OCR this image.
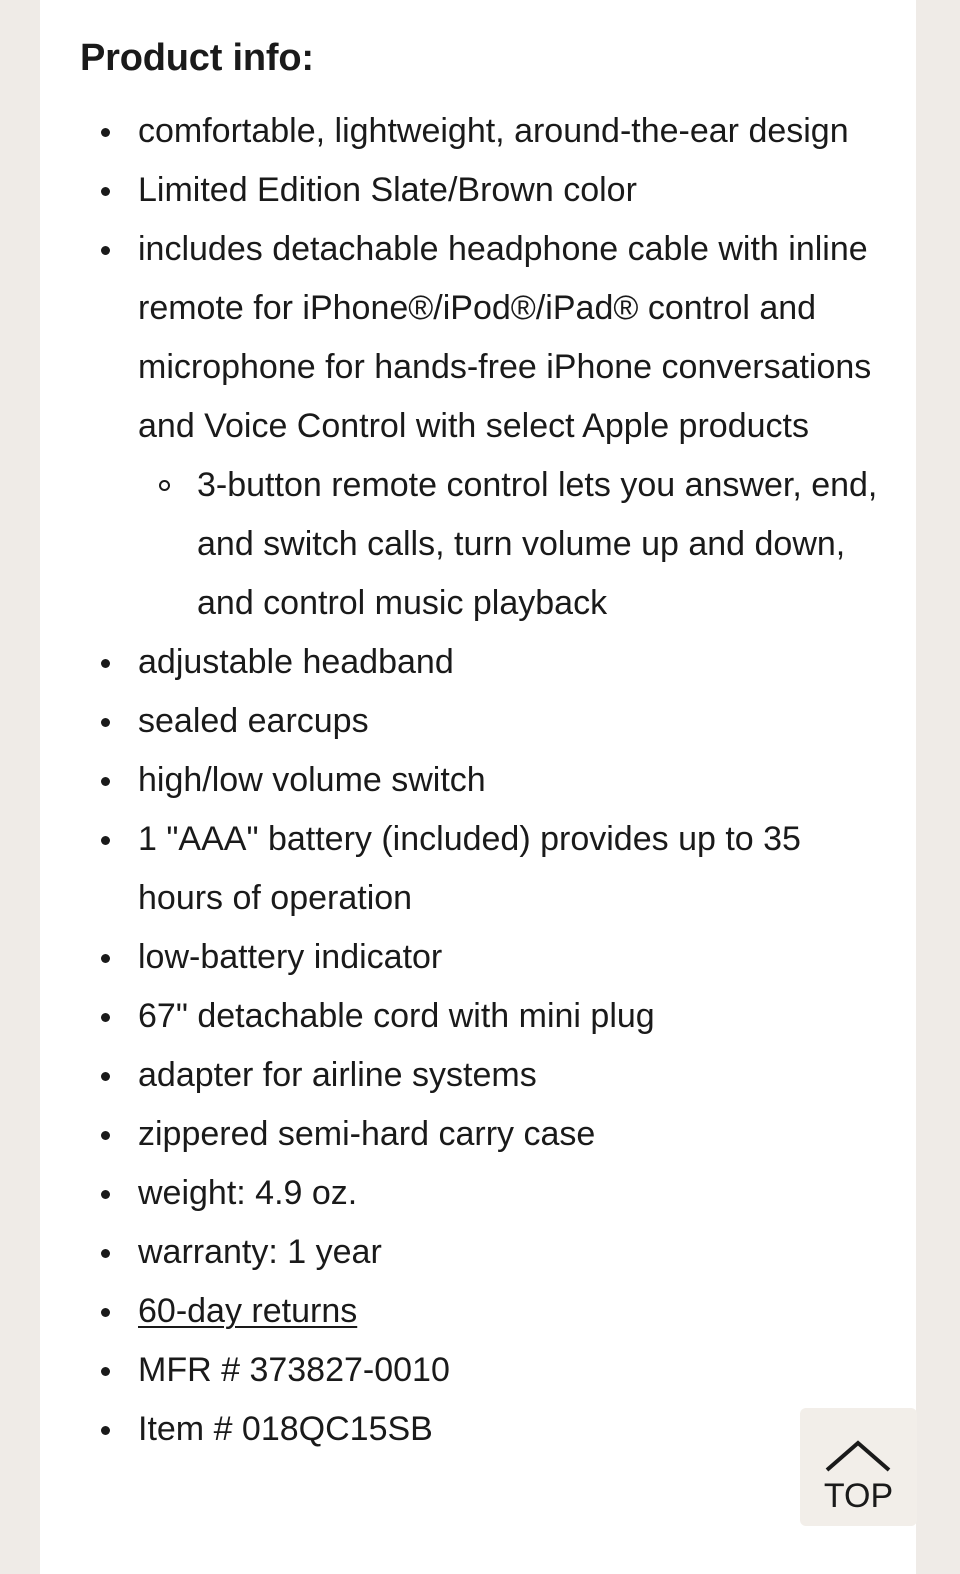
Product info:
comfortable, lightweight, around-the-ear design
Limited Edition Slate/Brown color
includes detachable headphone cable with inline remote for iPhone®/iPod®/iPad® control and microphone for hands-free iPhone conversations and Voice Control with select Apple products
3-button remote control lets you answer, end, and switch calls, turn volume up and down, and control music playback
adjustable headband
sealed earcups
high/low volume switch
1 "AAA" battery (included) provides up to 35 hours of operation
low-battery indicator
67" detachable cord with mini plug
adapter for airline systems
zippered semi-hard carry case
weight: 4.9 oz.
warranty: 1 year
60-day returns
MFR # 373827-0010
Item # 018QC15SB
TOP
